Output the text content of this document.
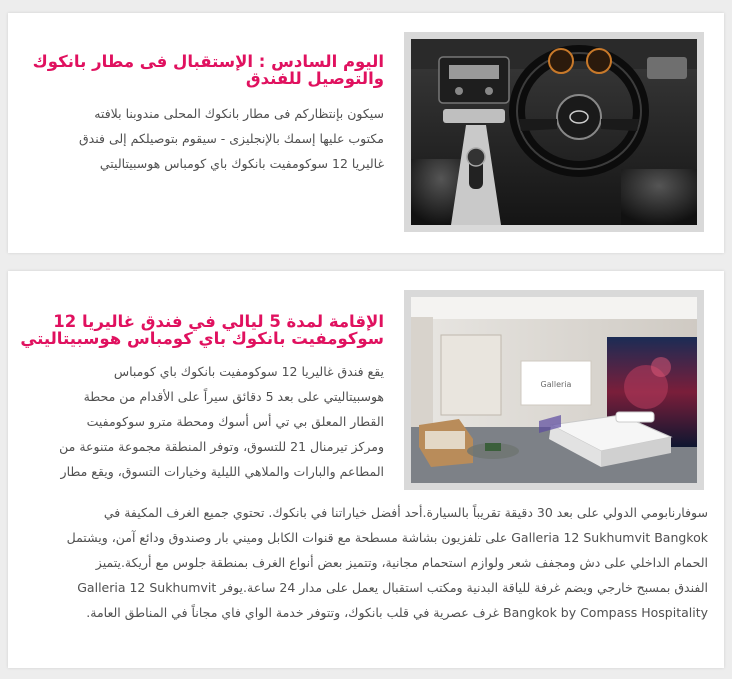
اليوم السادس : الإستقبال فى مطار بانكوك
والتوصيل للفندق

سيكون بإنتظاركم فى مطار بانكوك المحلى مندوبنا بلافته
مكتوب عليها إسمك بالإنجليزى - سيقوم بتوصيلكم إلى فندق
غاليريا 12 سوكومفيت بانكوك باي كومباس هوسبيتاليتي

Galleria
الإقامة لمدة 5 ليالي في فندق غاليريا 12
سوكومفيت بانكوك باي كومباس هوسبيتاليتي

يقع فندق غاليريا 12 سوكومفيت بانكوك باي كومباس
هوسبيتاليتي على بعد 5 دقائق سيراً على الأقدام من محطة
القطار المعلق بي تي أس أسوك ومحطة مترو سوكومفيت
ومركز تيرمنال 21 للتسوق، وتوفر المنطقة مجموعة متنوعة من
المطاعم والبارات والملاهي الليلية وخيارات التسوق، ويقع مطار

سوفارنابومي الدولي على بعد 30 دقيقة تقريباً بالسيارة.أحد أفضل خياراتنا في بانكوك. تحتوي جميع الغرف المكيفة في
Galleria 12 Sukhumvit Bangkok على تلفزيون بشاشة مسطحة مع قنوات الكابل وميني بار وصندوق ودائع آمن، ويشتمل
الحمام الداخلي على دش ومجفف شعر ولوازم استحمام مجانية، وتتميز بعض أنواع الغرف بمنطقة جلوس مع أريكة.يتميز
الفندق بمسبح خارجي ويضم غرفة للياقة البدنية ومكتب استقبال يعمل على مدار 24 ساعة.يوفر Galleria 12 Sukhumvit
Bangkok by Compass Hospitality غرف عصرية في قلب بانكوك، وتتوفر خدمة الواي فاي مجاناً في المناطق العامة.
